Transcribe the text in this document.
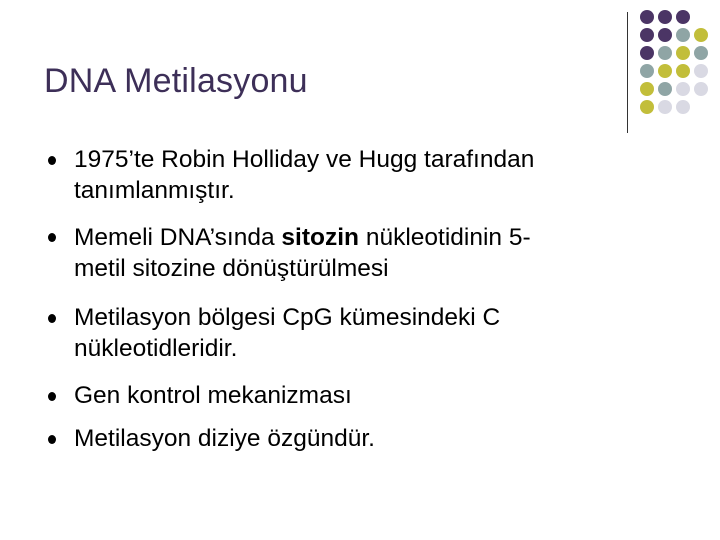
DNA Metilasyonu
1975’te Robin Holliday ve Hugg tarafından
tanımlanmıştır.
Memeli DNA’sında sitozin nükleotidinin 5-
metil sitozine dönüştürülmesi
Metilasyon bölgesi CpG kümesindeki C
nükleotidleridir.
Gen kontrol mekanizması
Metilasyon diziye özgündür.
